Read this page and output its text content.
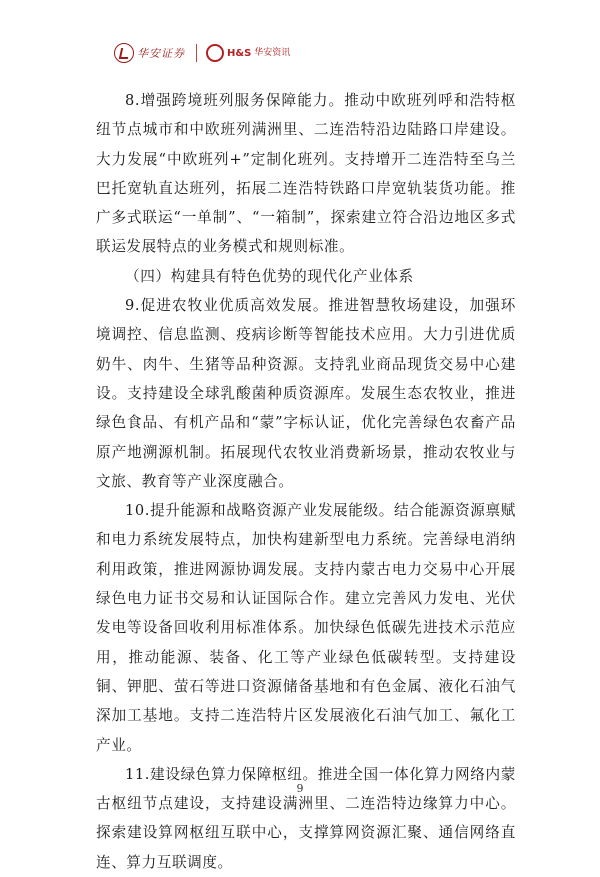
华安证券	H&S 华安资讯

8.增强跨境班列服务保障能力。推动中欧班列呼和浩特枢纽节点城市和中欧班列满洲里、二连浩特沿边陆路口岸建设。大力发展“中欧班列+”定制化班列。支持增开二连浩特至乌兰巴托宽轨直达班列，拓展二连浩特铁路口岸宽轨装货功能。推广多式联运“一单制”、“一箱制”，探索建立符合沿边地区多式联运发展特点的业务模式和规则标准。

（四）构建具有特色优势的现代化产业体系

9.促进农牧业优质高效发展。推进智慧牧场建设，加强环境调控、信息监测、疫病诊断等智能技术应用。大力引进优质奶牛、肉牛、生猪等品种资源。支持乳业商品现货交易中心建设。支持建设全球乳酸菌种质资源库。发展生态农牧业，推进绿色食品、有机产品和“蒙”字标认证，优化完善绿色农畜产品原产地溯源机制。拓展现代农牧业消费新场景，推动农牧业与文旅、教育等产业深度融合。

10.提升能源和战略资源产业发展能级。结合能源资源禀赋和电力系统发展特点，加快构建新型电力系统。完善绿电消纳利用政策，推进网源协调发展。支持内蒙古电力交易中心开展绿色电力证书交易和认证国际合作。建立完善风力发电、光伏发电等设备回收利用标准体系。加快绿色低碳先进技术示范应用，推动能源、装备、化工等产业绿色低碳转型。支持建设铜、钾肥、萤石等进口资源储备基地和有色金属、液化石油气深加工基地。支持二连浩特片区发展液化石油气加工、氟化工产业。

11.建设绿色算力保障枢纽。推进全国一体化算力网络内蒙古枢纽节点建设，支持建设满洲里、二连浩特边缘算力中心。探索建设算网枢纽互联中心，支撑算网资源汇聚、通信网络直连、算力互联调度。

9
